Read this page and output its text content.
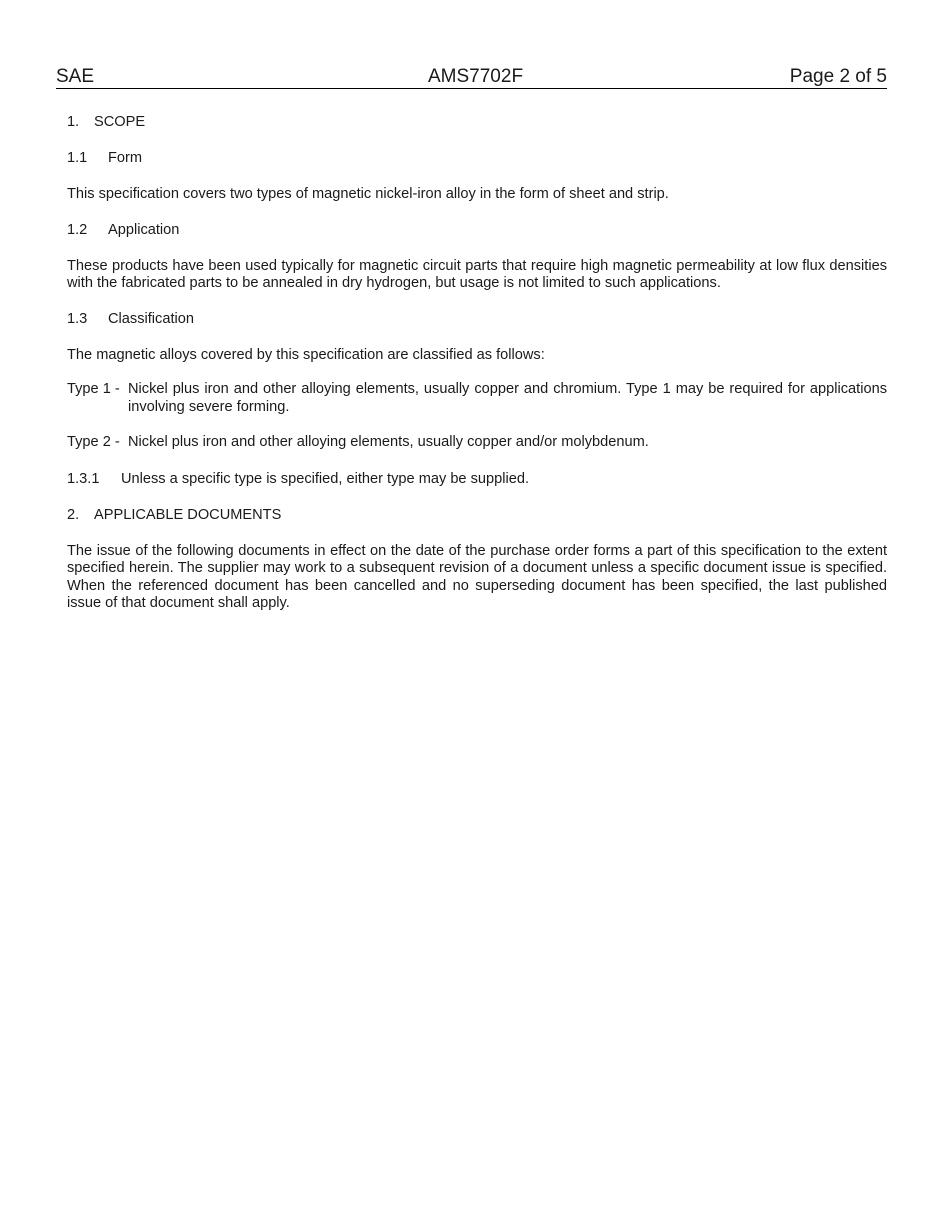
SAE	AMS7702F	Page 2 of 5

1. SCOPE

1.1 Form

This specification covers two types of magnetic nickel-iron alloy in the form of sheet and strip.

1.2 Application

These products have been used typically for magnetic circuit parts that require high magnetic permeability at low flux densities with the fabricated parts to be annealed in dry hydrogen, but usage is not limited to such applications.

1.3 Classification

The magnetic alloys covered by this specification are classified as follows:

Type 1 - Nickel plus iron and other alloying elements, usually copper and chromium. Type 1 may be required for applications involving severe forming.
Type 2 - Nickel plus iron and other alloying elements, usually copper and/or molybdenum.

1.3.1 Unless a specific type is specified, either type may be supplied.

2. APPLICABLE DOCUMENTS

The issue of the following documents in effect on the date of the purchase order forms a part of this specification to the extent specified herein. The supplier may work to a subsequent revision of a document unless a specific document issue is specified. When the referenced document has been cancelled and no superseding document has been specified, the last published issue of that document shall apply.
